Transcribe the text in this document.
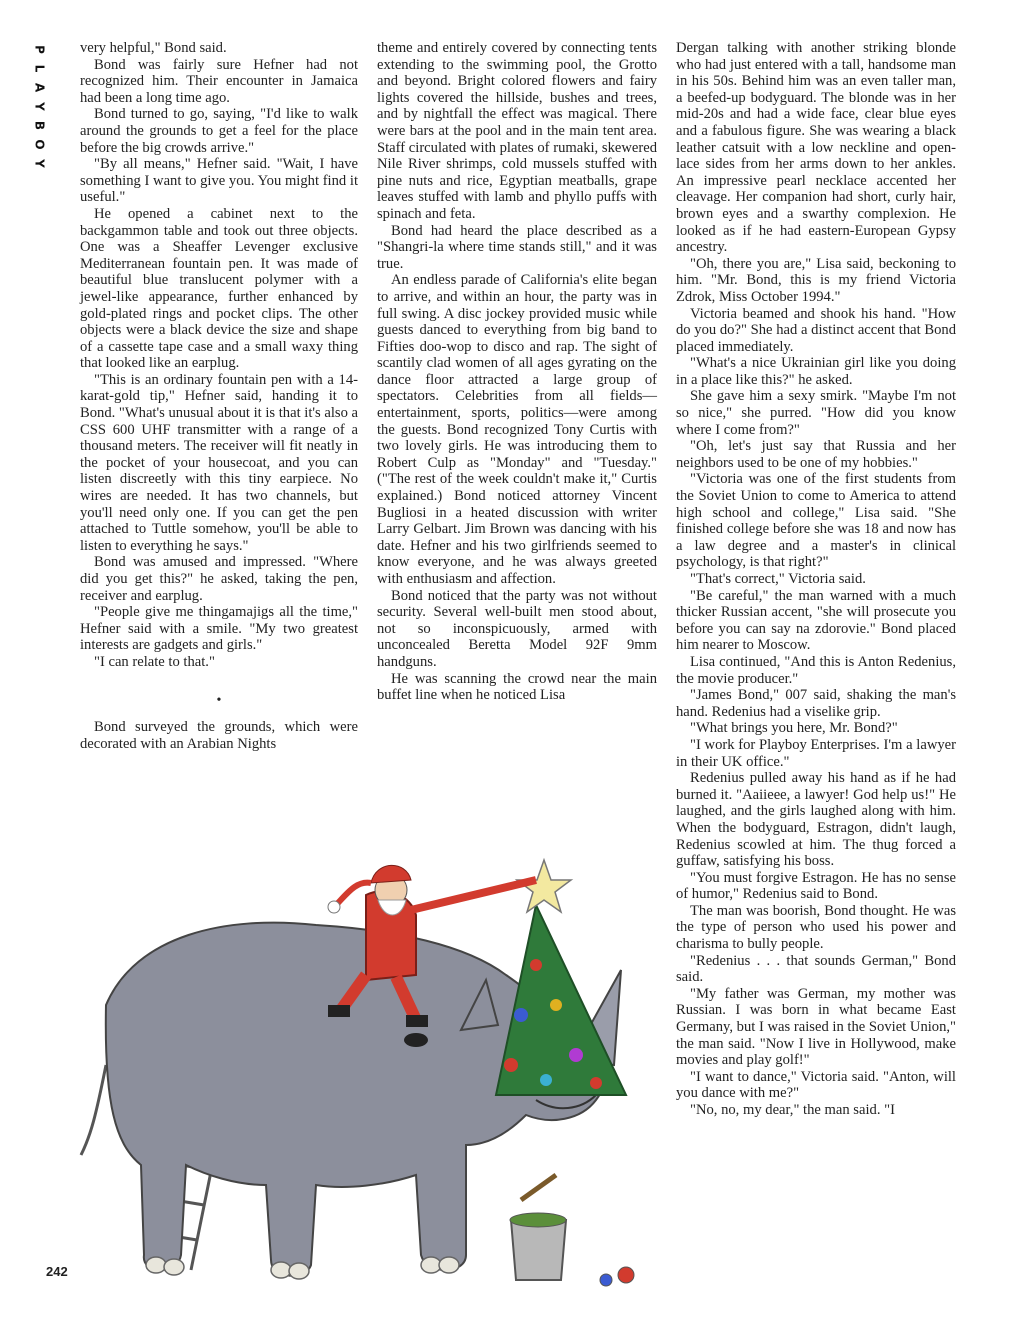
P
L
A
Y
B
O
Y

very helpful," Bond said.

Bond was fairly sure Hefner had not recognized him. Their encounter in Jamaica had been a long time ago.

Bond turned to go, saying, "I'd like to walk around the grounds to get a feel for the place before the big crowds arrive."

"By all means," Hefner said. "Wait, I have something I want to give you. You might find it useful."

He opened a cabinet next to the backgammon table and took out three objects. One was a Sheaffer Levenger exclusive Mediterranean fountain pen. It was made of beautiful blue translucent polymer with a jewel-like appearance, further enhanced by gold-plated rings and pocket clips. The other objects were a black device the size and shape of a cassette tape case and a small waxy thing that looked like an earplug.

"This is an ordinary fountain pen with a 14-karat-gold tip," Hefner said, handing it to Bond. "What's unusual about it is that it's also a CSS 600 UHF transmitter with a range of a thousand meters. The receiver will fit neatly in the pocket of your housecoat, and you can listen discreetly with this tiny earpiece. No wires are needed. It has two channels, but you'll need only one. If you can get the pen attached to Tuttle somehow, you'll be able to listen to everything he says."

Bond was amused and impressed. "Where did you get this?" he asked, taking the pen, receiver and earplug.

"People give me thingamajigs all the time," Hefner said with a smile. "My two greatest interests are gadgets and girls."

"I can relate to that."

•

Bond surveyed the grounds, which were decorated with an Arabian Nights

theme and entirely covered by connecting tents extending to the swimming pool, the Grotto and beyond. Bright colored flowers and fairy lights covered the hillside, bushes and trees, and by nightfall the effect was magical. There were bars at the pool and in the main tent area. Staff circulated with plates of rumaki, skewered Nile River shrimps, cold mussels stuffed with pine nuts and rice, Egyptian meatballs, grape leaves stuffed with lamb and phyllo puffs with spinach and feta.

Bond had heard the place described as a "Shangri-la where time stands still," and it was true.

An endless parade of California's elite began to arrive, and within an hour, the party was in full swing. A disc jockey provided music while guests danced to everything from big band to Fifties doo-wop to disco and rap. The sight of scantily clad women of all ages gyrating on the dance floor attracted a large group of spectators. Celebrities from all fields—entertainment, sports, politics—were among the guests. Bond recognized Tony Curtis with two lovely girls. He was introducing them to Robert Culp as "Monday" and "Tuesday." ("The rest of the week couldn't make it," Curtis explained.) Bond noticed attorney Vincent Bugliosi in a heated discussion with writer Larry Gelbart. Jim Brown was dancing with his date. Hefner and his two girlfriends seemed to know everyone, and he was always greeted with enthusiasm and affection.

Bond noticed that the party was not without security. Several well-built men stood about, not so inconspicuously, armed with unconcealed Beretta Model 92F 9mm handguns.

He was scanning the crowd near the main buffet line when he noticed Lisa

Dergan talking with another striking blonde who had just entered with a tall, handsome man in his 50s. Behind him was an even taller man, a beefed-up bodyguard. The blonde was in her mid-20s and had a wide face, clear blue eyes and a fabulous figure. She was wearing a black leather catsuit with a low neckline and open-lace sides from her arms down to her ankles. An impressive pearl necklace accented her cleavage. Her companion had short, curly hair, brown eyes and a swarthy complexion. He looked as if he had eastern-European Gypsy ancestry.

"Oh, there you are," Lisa said, beckoning to him. "Mr. Bond, this is my friend Victoria Zdrok, Miss October 1994."

Victoria beamed and shook his hand. "How do you do?" She had a distinct accent that Bond placed immediately.

"What's a nice Ukrainian girl like you doing in a place like this?" he asked.

She gave him a sexy smirk. "Maybe I'm not so nice," she purred. "How did you know where I come from?"

"Oh, let's just say that Russia and her neighbors used to be one of my hobbies."

"Victoria was one of the first students from the Soviet Union to come to America to attend high school and college," Lisa said. "She finished college before she was 18 and now has a law degree and a master's in clinical psychology, is that right?"

"That's correct," Victoria said.

"Be careful," the man warned with a much thicker Russian accent, "she will prosecute you before you can say na zdorovie." Bond placed him nearer to Moscow.

Lisa continued, "And this is Anton Redenius, the movie producer."

"James Bond," 007 said, shaking the man's hand. Redenius had a viselike grip.

"What brings you here, Mr. Bond?"

"I work for Playboy Enterprises. I'm a lawyer in their UK office."

Redenius pulled away his hand as if he had burned it. "Aaiieee, a lawyer! God help us!" He laughed, and the girls laughed along with him. When the bodyguard, Estragon, didn't laugh, Redenius scowled at him. The thug forced a guffaw, satisfying his boss.

"You must forgive Estragon. He has no sense of humor," Redenius said to Bond.

The man was boorish, Bond thought. He was the type of person who used his power and charisma to bully people.

"Redenius . . . that sounds German," Bond said.

"My father was German, my mother was Russian. I was born in what became East Germany, but I was raised in the Soviet Union," the man said. "Now I live in Hollywood, make movies and play golf!"

"I want to dance," Victoria said. "Anton, will you dance with me?"

"No, no, my dear," the man said. "I

242
